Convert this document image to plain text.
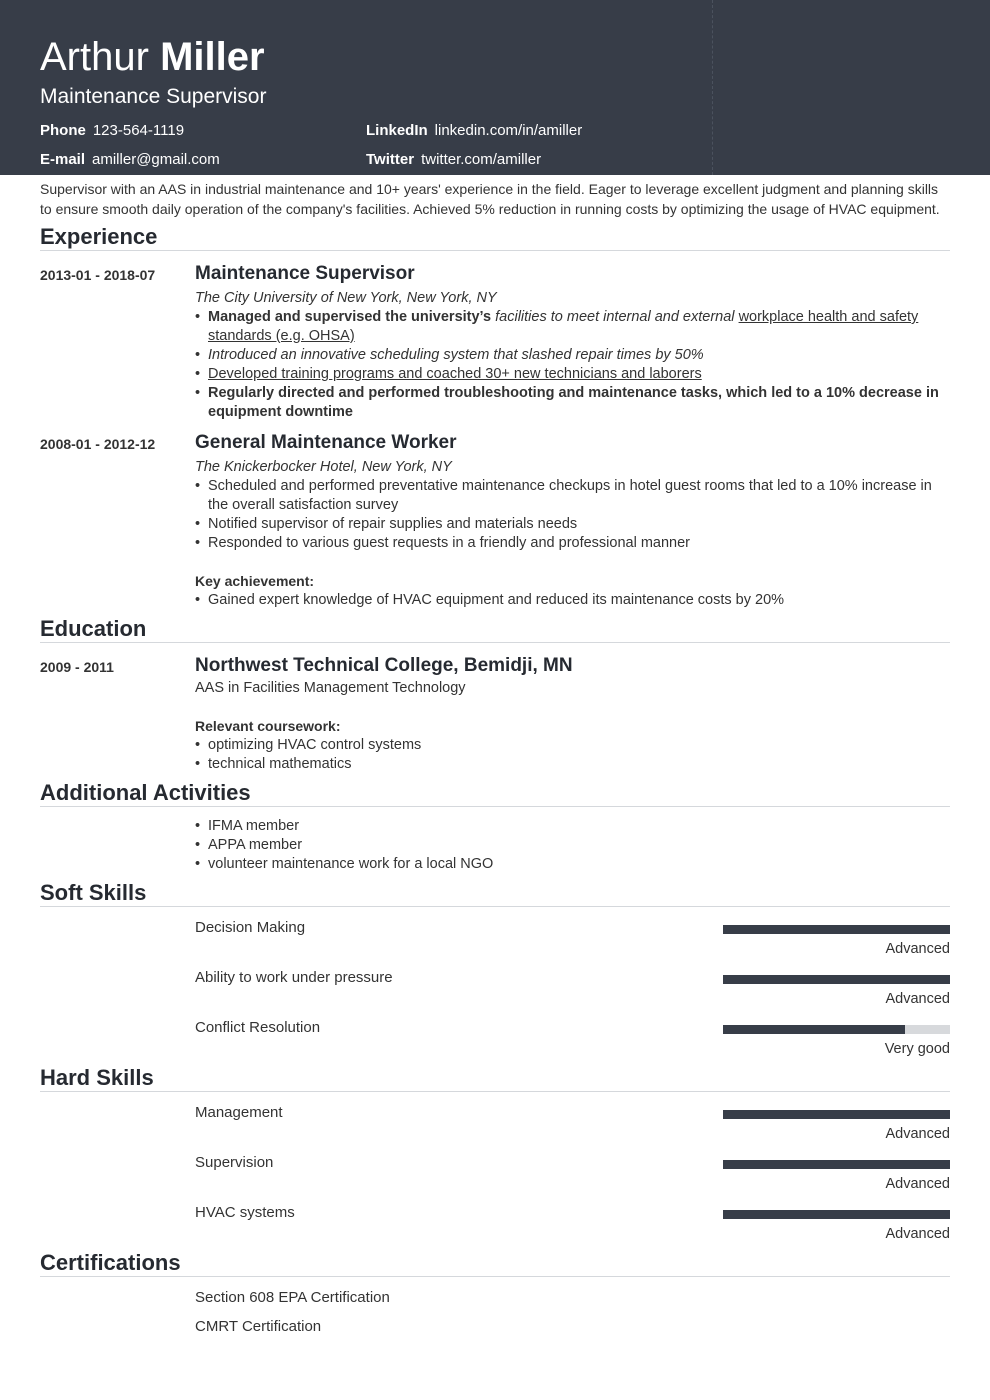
Arthur Miller
Maintenance Supervisor
Phone 123-564-1119	LinkedIn linkedin.com/in/amiller
E-mail amiller@gmail.com	Twitter twitter.com/amiller
Supervisor with an AAS in industrial maintenance and 10+ years' experience in the field. Eager to leverage excellent judgment and planning skills to ensure smooth daily operation of the company's facilities. Achieved 5% reduction in running costs by optimizing the usage of HVAC equipment.
Experience
2013-01 - 2018-07 Maintenance Supervisor
The City University of New York, New York, NY
• Managed and supervised the university’s facilities to meet internal and external workplace health and safety standards (e.g. OHSA)
• Introduced an innovative scheduling system that slashed repair times by 50%
• Developed training programs and coached 30+ new technicians and laborers
• Regularly directed and performed troubleshooting and maintenance tasks, which led to a 10% decrease in equipment downtime
2008-01 - 2012-12 General Maintenance Worker
The Knickerbocker Hotel, New York, NY
• Scheduled and performed preventative maintenance checkups in hotel guest rooms that led to a 10% increase in the overall satisfaction survey
• Notified supervisor of repair supplies and materials needs
• Responded to various guest requests in a friendly and professional manner
Key achievement:
• Gained expert knowledge of HVAC equipment and reduced its maintenance costs by 20%
Education
2009 - 2011	Northwest Technical College, Bemidji, MN
AAS in Facilities Management Technology
Relevant coursework:
• optimizing HVAC control systems
• technical mathematics
Additional Activities
• IFMA member
• APPA member
• volunteer maintenance work for a local NGO
Soft Skills
Decision Making
Advanced
Ability to work under pressure
Advanced
Conflict Resolution
Very good
Hard Skills
Management
Advanced
Supervision
Advanced
HVAC systems
Advanced
Certifications
Section 608 EPA Certification
CMRT Certification
